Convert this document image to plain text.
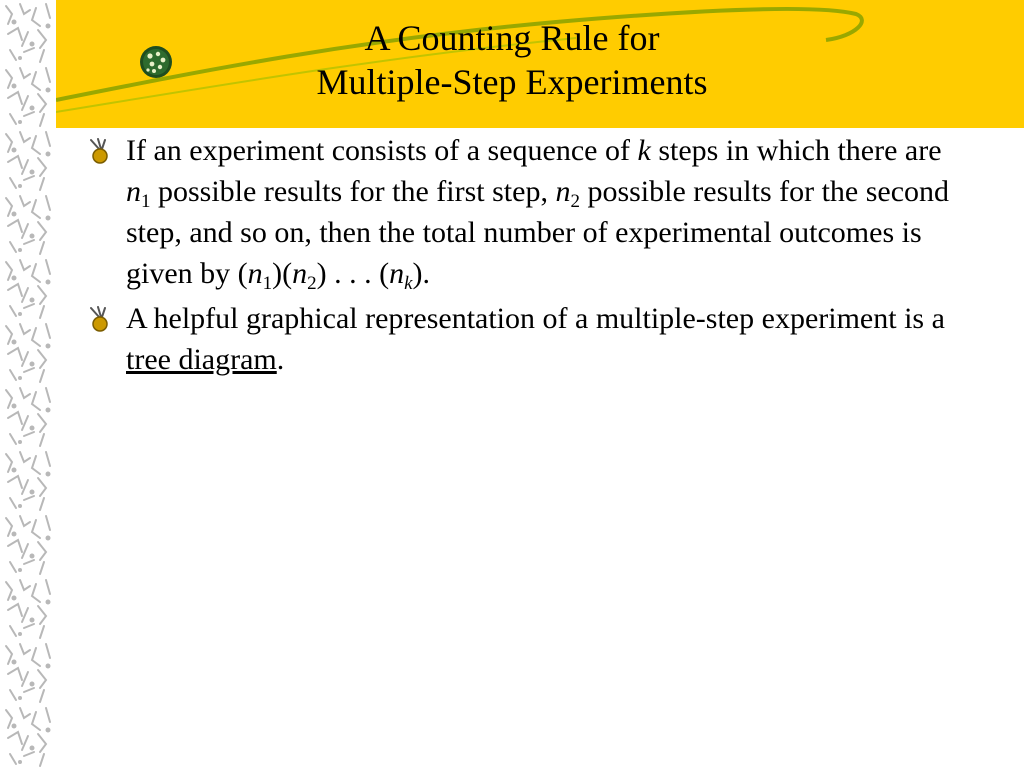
A Counting Rule for
Multiple-Step Experiments
If an experiment consists of a sequence of k steps in which there are $n_1$ possible results for the first step, $n_2$ possible results for the second step, and so on, then the total number of experimental outcomes is given by $(n_1)(n_2)$ . . . $(n_k)$.
A helpful graphical representation of a multiple-step experiment is a tree diagram.
